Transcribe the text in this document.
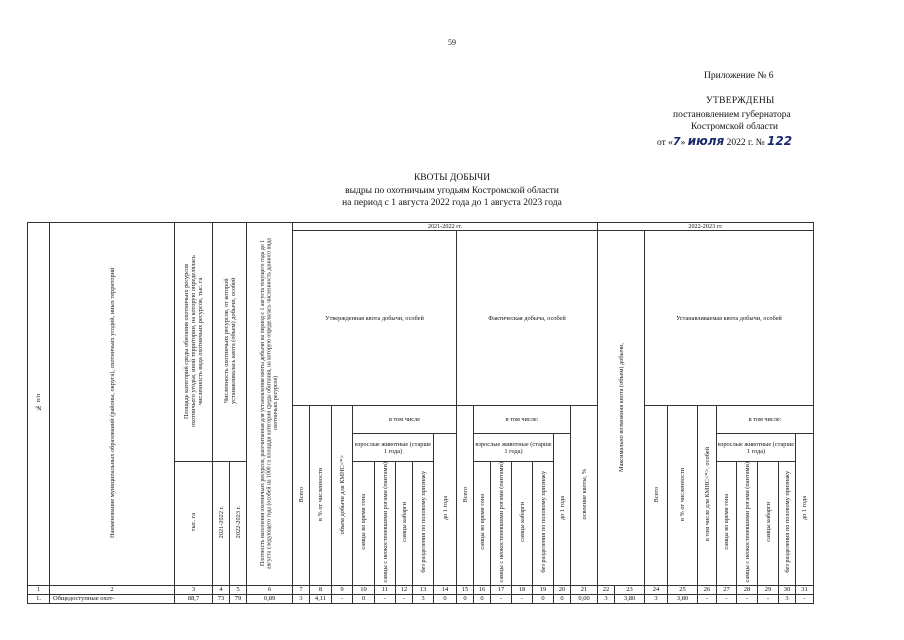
59
Приложение № 6
УТВЕРЖДЕНЫ
постановлением губернатора
Костромской области
от «7» июля 2022 г. № 122
КВОТЫ ДОБЫЧИ
выдры по охотничьим угодьям Костромской области
на период с 1 августа 2022 года до 1 августа 2023 года
№ п/п	Наименование муниципальных образований (районы, округа), охотничьих угодий, иных территорий	Площадь категорий среды обитания охотничьих ресурсов охотничьего угодья, иной территории, на которую определялась численность вида охотничьих ресурсов, тыс. га	Численность охотничьих ресурсов, от которой устанавливалась квота (объем) добычи, особей		Плотность населения охотничьих ресурсов, рассчитанная для установления квоты добычи на период с 1 августа текущего года до 1 августа следующего года (особей на 1000 га площади категории среды обитания, на которую определялась численность данного вида охотничьих ресурсов)	2021-2022 гг.															2022-2023 гг.									
						Утвержденная квота добычи, особей								Фактическая добыча, особей							Максимально возможная квота (объем) добычи,		Устанавливаемая квота добычи, особей							
						Всего	в % от численности	объем добычи для КМНС<*>	в том числе					Всего	в том числе:					освоение квоты, %			Всего	в % от численности	в том числе для КМНС<*>, особей	в том числе:				
									взрослые животные (старше 1 года)				до 1 года		взрослые животные (старше 1 года)				до 1 года							взрослые животные (старше 1 года)				до 1 года
		тыс. га	2021-2022 г.	2022-2023 г.					самцы во время гона	самцы с неокостеневшими рогами (пантами)	самцы кабарги	без разделения по половому признаку			самцы во время гона	самцы с неокостеневшими рогами (пантами)	самцы кабарги	без разделения по половому признаку								самцы во время гона	самцы с неокостеневшими рогами (пантами)	самцы кабарги	без разделения по половому признаку	
1	2	3	4	5	6	7	8	9	10	11	12	13	14	15	16	17	18	19	20	21	22	23	24	25	26	27	28	29	30	31
1.	Общедоступные охот-	88,7	73	79	0,89	3	4,11	-	0	-	-	3	0	0	0	-	-	0	0	0,00	3	3,80	3	3,80	-	-	-	-	3	-
